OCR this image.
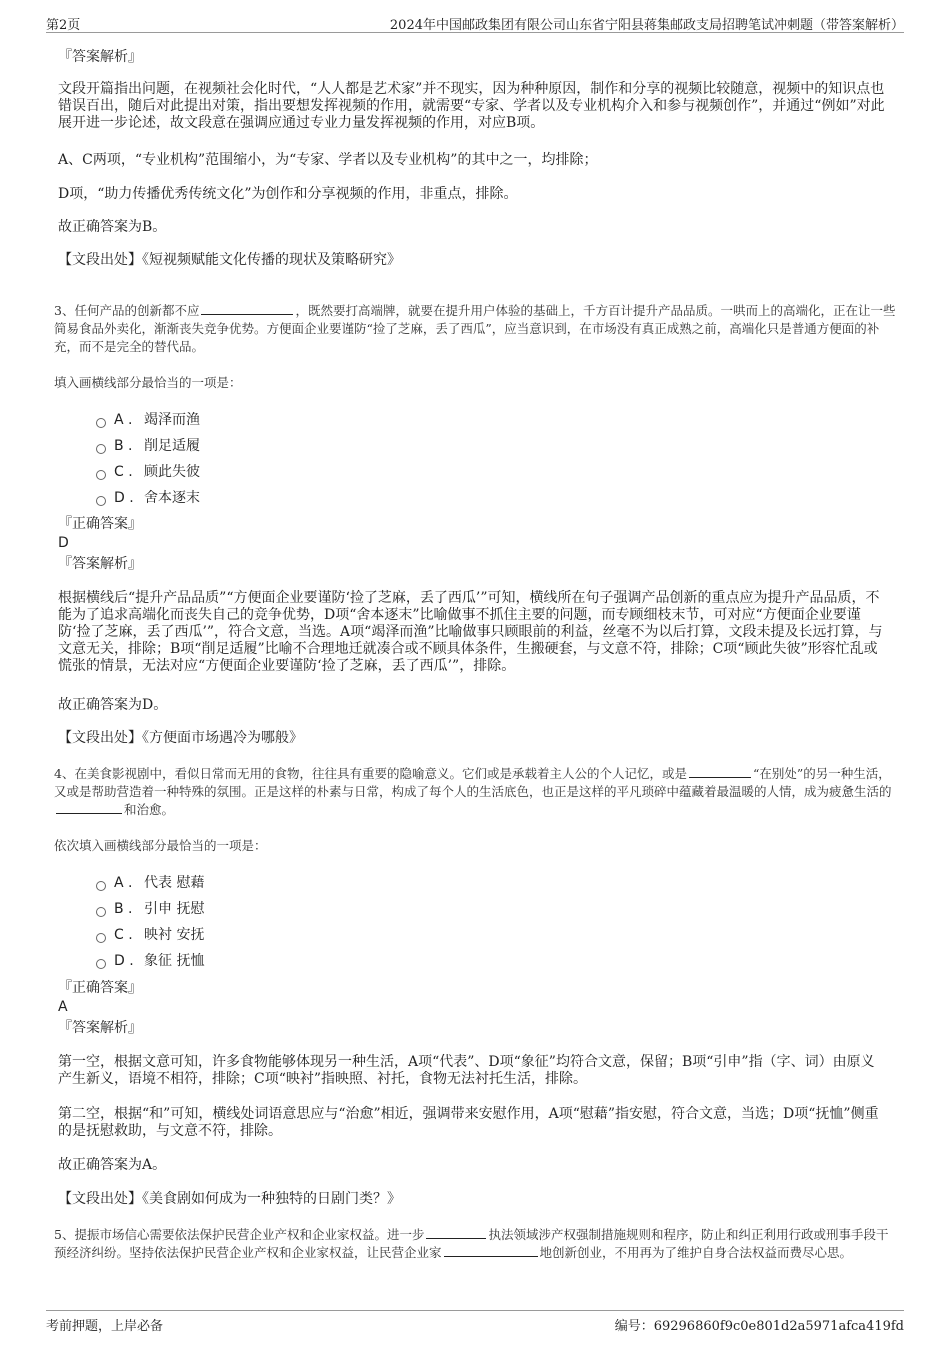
第2页	2024年中国邮政集团有限公司山东省宁阳县蒋集邮政支局招聘笔试冲刺题（带答案解析）
『答案解析』

文段开篇指出问题，在视频社会化时代，“人人都是艺术家”并不现实，因为种种原因，制作和分享的视频比较随意，视频中的知识点也错误百出，随后对此提出对策，指出要想发挥视频的作用，就需要“专家、学者以及专业机构介入和参与视频创作”，并通过“例如”对此展开进一步论述，故文段意在强调应通过专业力量发挥视频的作用，对应B项。

A、C两项，“专业机构”范围缩小，为“专家、学者以及专业机构”的其中之一，均排除；

D项，“助力传播优秀传统文化”为创作和分享视频的作用，非重点，排除。

故正确答案为B。

【文段出处】《短视频赋能文化传播的现状及策略研究》

3、任何产品的创新都不应	，既然要打高端牌，就要在提升用户体验的基础上，千方百计提升产品品质。一哄而上的高端化，正在让一些简易食品外卖化，渐渐丧失竞争优势。方便面企业要谨防“捡了芝麻，丢了西瓜”，应当意识到，在市场没有真正成熟之前，高端化只是普通方便面的补充，而不是完全的替代品。

填入画横线部分最恰当的一项是：

A . 竭泽而渔
B . 削足适履
C . 顾此失彼
D . 舍本逐末
『正确答案』
D
『答案解析』

根据横线后“提升产品品质”“方便面企业要谨防‘捡了芝麻，丢了西瓜’”可知，横线所在句子强调产品创新的重点应为提升产品品质，不能为了追求高端化而丧失自己的竞争优势，D项“舍本逐末”比喻做事不抓住主要的问题，而专顾细枝末节，可对应“方便面企业要谨防‘捡了芝麻，丢了西瓜’”，符合文意，当选。A项“竭泽而渔”比喻做事只顾眼前的利益，丝毫不为以后打算，文段未提及长远打算，与文意无关，排除；B项“削足适履”比喻不合理地迁就凑合或不顾具体条件，生搬硬套，与文意不符，排除；C项“顾此失彼”形容忙乱或慌张的情景，无法对应“方便面企业要谨防‘捡了芝麻，丢了西瓜’”，排除。

故正确答案为D。

【文段出处】《方便面市场遇冷为哪般》

4、在美食影视剧中，看似日常而无用的食物，往往具有重要的隐喻意义。它们或是承载着主人公的个人记忆，或是	“在别处”的另一种生活，又或是帮助营造着一种特殊的氛围。正是这样的朴素与日常，构成了每个人的生活底色，也正是这样的平凡琐碎中蕴藏着最温暖的人情，成为疲惫生活的和治愈。

依次填入画横线部分最恰当的一项是：

A . 代表 慰藉
B . 引申 抚慰
C . 映衬 安抚
D . 象征 抚恤
『正确答案』
A
『答案解析』

第一空，根据文意可知，许多食物能够体现另一种生活，A项“代表”、D项“象征”均符合文意，保留；B项“引申”指（字、词）由原义产生新义，语境不相符，排除；C项“映衬”指映照、衬托，食物无法衬托生活，排除。

第二空，根据“和”可知，横线处词语意思应与“治愈”相近，强调带来安慰作用，A项“慰藉”指安慰，符合文意，当选；D项“抚恤”侧重的是抚慰救助，与文意不符，排除。

故正确答案为A。

【文段出处】《美食剧如何成为一种独特的日剧门类？》

5、提振市场信心需要依法保护民营企业产权和企业家权益。进一步	执法领域涉产权强制措施规则和程序，防止和纠正利用行政或刑事手段干预经济纠纷。坚持依法保护民营企业产权和企业家权益，让民营企业家	地创新创业，不用再为了维护自身合法权益而费尽心思。

考前押题，上岸必备	编号：69296860f9c0e801d2a5971afca419fd
